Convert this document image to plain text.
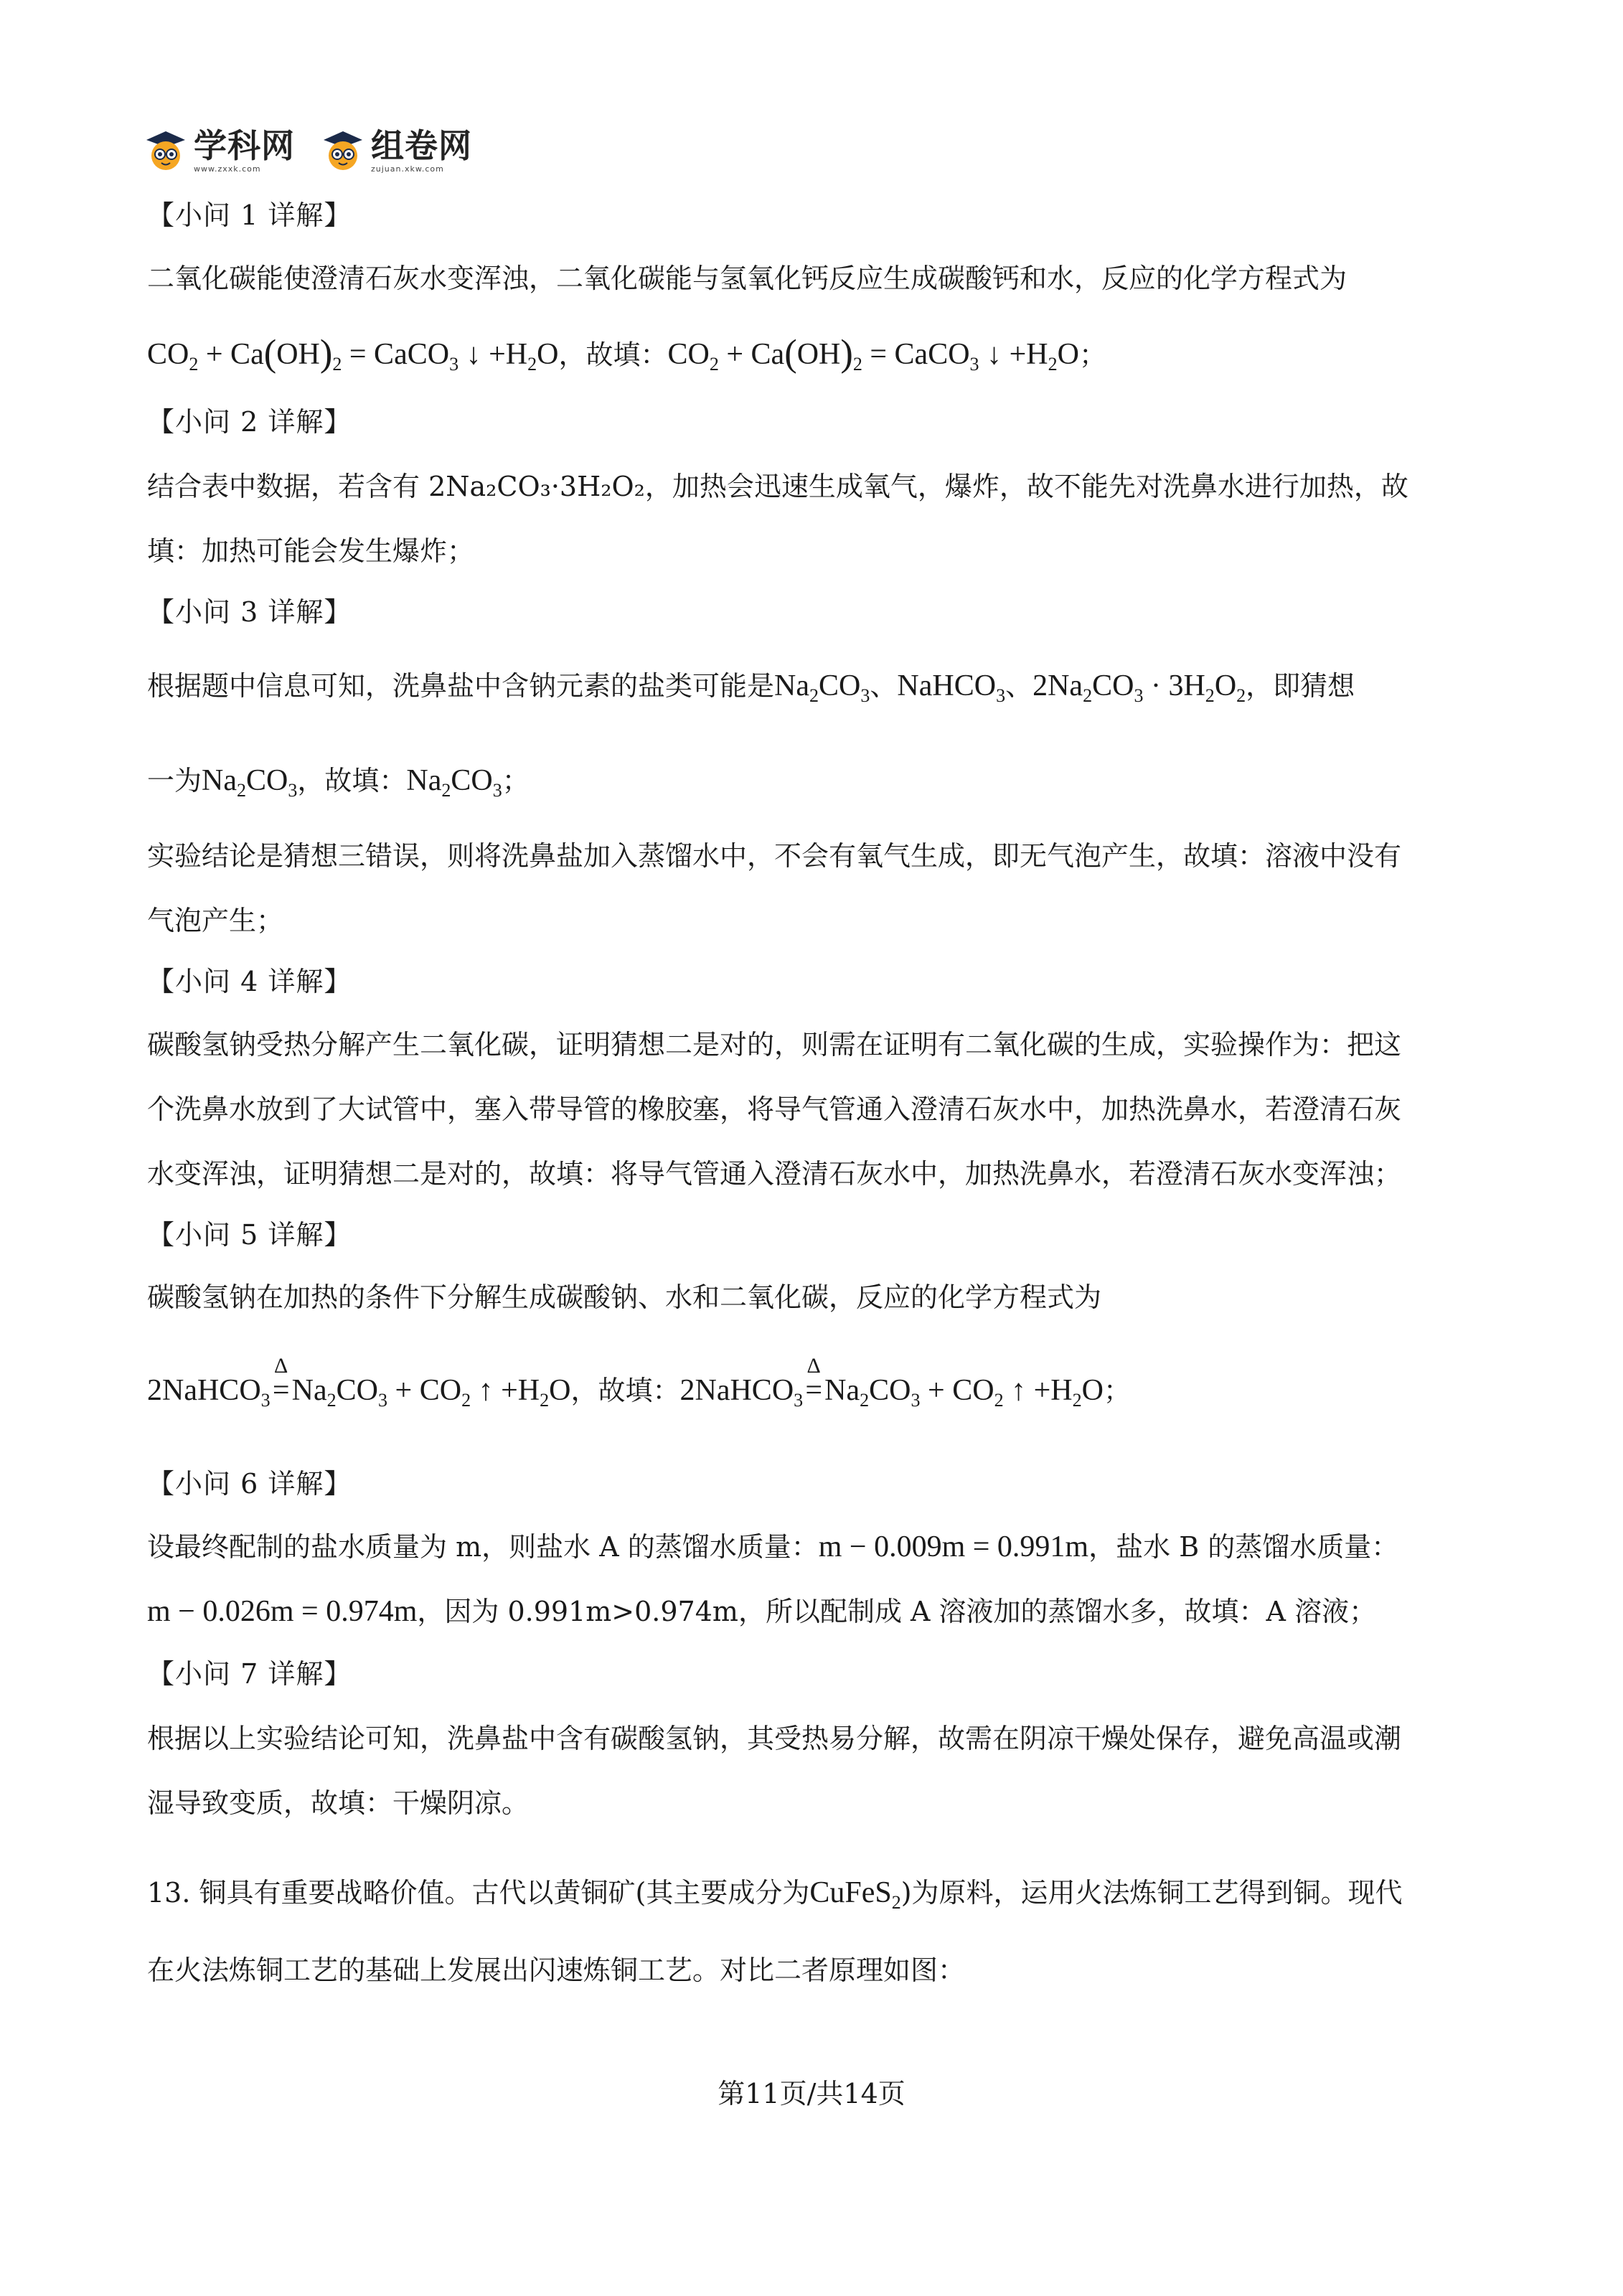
学科网
www.zxxk.com
组卷网
zujuan.xkw.com
【小问 1 详解】
二氧化碳能使澄清石灰水变浑浊，二氧化碳能与氢氧化钙反应生成碳酸钙和水，反应的化学方程式为
$CO_2 + Ca(OH)_2$ = CaCO$_3$ ↓ $+H_2O$，故填：$CO_2 + Ca(OH)_2$ = CaCO$_3$ ↓ $+H_2O$；
【小问 2 详解】
结合表中数据，若含有 2Na₂CO₃·3H₂O₂，加热会迅速生成氧气，爆炸，故不能先对洗鼻水进行加热，故
填：加热可能会发生爆炸；
【小问 3 详解】
根据题中信息可知，洗鼻盐中含钠元素的盐类可能是$Na_2CO_3$、NaHCO$_3$、$2Na_2CO_3 \cdot 3H_2O_2$，即猜想
一为$Na_2CO_3$，故填：$Na_2CO_3$；
实验结论是猜想三错误，则将洗鼻盐加入蒸馏水中，不会有氧气生成，即无气泡产生，故填：溶液中没有
气泡产生；
【小问 4 详解】
碳酸氢钠受热分解产生二氧化碳，证明猜想二是对的，则需在证明有二氧化碳的生成，实验操作为：把这
个洗鼻水放到了大试管中，塞入带导管的橡胶塞，将导气管通入澄清石灰水中，加热洗鼻水，若澄清石灰
水变浑浊，证明猜想二是对的，故填：将导气管通入澄清石灰水中，加热洗鼻水，若澄清石灰水变浑浊；
【小问 5 详解】
碳酸氢钠在加热的条件下分解生成碳酸钠、水和二氧化碳，反应的化学方程式为
2NaHCO$_3$
Δ
$=Na_2CO_3 + CO_2$ ↑ $+H_2O$，故填：2NaHCO$_3$
Δ
$=Na_2CO_3 + CO_2$ ↑ $+H_2O$；
【小问 6 详解】
设最终配制的盐水质量为 m，则盐水 A 的蒸馏水质量：m − 0.009m = 0.991m，盐水 B 的蒸馏水质量：
m − 0.026m = 0.974m，因为 0.991m>0.974m，所以配制成 A 溶液加的蒸馏水多，故填：A 溶液；
【小问 7 详解】
根据以上实验结论可知，洗鼻盐中含有碳酸氢钠，其受热易分解，故需在阴凉干燥处保存，避免高温或潮
湿导致变质，故填：干燥阴凉。
13. 铜具有重要战略价值。古代以黄铜矿(其主要成分为CuFeS$_2$)为原料，运用火法炼铜工艺得到铜。现代
在火法炼铜工艺的基础上发展出闪速炼铜工艺。对比二者原理如图：
第11页/共14页
